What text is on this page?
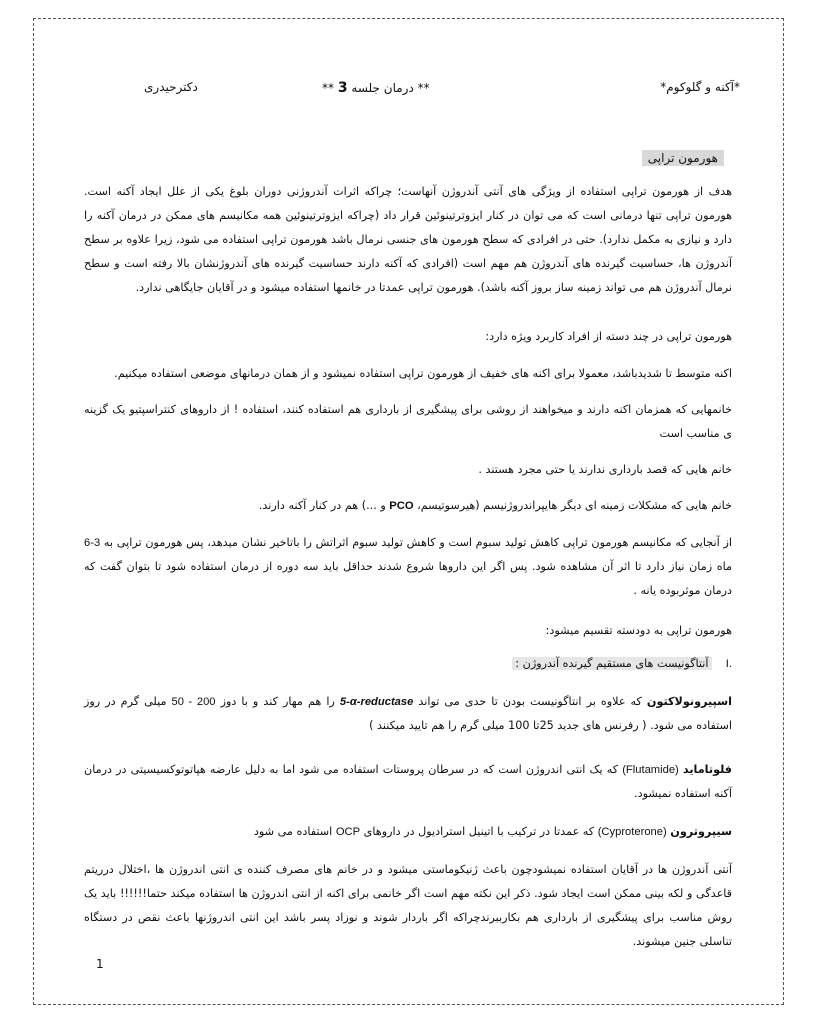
*آکنه و گلوکوم*
** درمان جلسه 3 **
دکترحیدری
هورمون تراپی

هدف از هورمون تراپی استفاده از ویژگی های آنتی آندروژن آنهاست؛ چراکه اثرات آندروژنی دوران بلوغ یکی از علل ایجاد آکنه است. هورمون تراپی تنها درمانی است که می توان در کنار ایزوترتینوئین قرار داد (چراکه ایزوترتینوئین همه مکانیسم های ممکن در درمان آکنه را دارد و نیازی به مکمل ندارد). حتی در افرادی که سطح هورمون های جنسی نرمال باشد هورمون تراپی استفاده می شود، زیرا علاوه بر سطح آندروژن ها، حساسیت گیرنده های آندروژن هم مهم است (افرادی که آکنه دارند حساسیت گیرنده های آندروژنشان بالا رفته است و سطح نرمال آندروژن هم می تواند زمینه ساز بروز آکنه باشد). هورمون تراپی عمدتا در خانمها استفاده میشود و در آقایان جایگاهی ندارد.

هورمون تراپی در چند دسته از افراد کاربرد ویژه دارد:

اکنه متوسط تا شدیدباشد، معمولا برای اکنه های خفیف از هورمون تراپی استفاده نمیشود و از همان درمانهای موضعی استفاده میکنیم.

خانمهایی که همزمان اکنه دارند و میخواهند از روشی برای پیشگیری از بارداری هم استفاده کنند، استفاده ! از داروهای کنتراسپتیو یک گزینه ی مناسب است

خانم هایی که قصد بارداری ندارند یا حتی مجرد هستند .

خانم هایی که مشکلات زمینه ای دیگر هایپراندروژنیسم (هیرسوتیسم، PCO و ...) هم در کنار آکنه دارند.

از آنجایی که مکانیسم هورمون تراپی کاهش تولید سبوم است و کاهش تولید سبوم اثراتش را باتاخیر نشان میدهد، پس هورمون تراپی به 6-3 ماه زمان نیاز دارد تا اثر آن مشاهده شود. پس اگر این داروها شروع شدند حداقل باید سه دوره از درمان استفاده شود تا بتوان گفت که درمان موثربوده یانه .

هورمون تراپی به دودسته تقسیم میشود:

I.    آنتاگونیست های مستقیم گیرنده آندروژن :

اسپیرونولاکتون که علاوه بر انتاگونیست بودن تا حدی می تواند 5-α-reductase را هم مهار کند و با دوز 50 - 200 میلی گرم در روز استفاده می شود. ( رفرنس های جدید 25تا 100 میلی گرم را هم تایید میکنند )

فلوتاماید (Flutamide) که یک انتی اندروژن است که در سرطان پروستات استفاده می شود اما به دلیل عارضه هپاتوتوکسیسیتی در درمان آکنه استفاده نمیشود.

سیپروترون (Cyproterone) که عمدتا در ترکیب با اتینیل استرادیول در داروهای OCP استفاده می شود

آنتی آندروژن ها در آقایان استفاده نمیشودچون باعث ژنیکوماستی میشود و در خانم های مصرف کننده ی انتی اندروژن ها ،اختلال درریتم قاعدگی و لکه بینی ممکن است ایجاد شود. ذکر این نکته مهم است اگر خانمی برای اکنه از انتی اندروژن ها استفاده میکند حتما!!!!!! باید یک روش مناسب برای پیشگیری از بارداری هم بکارببرندچراکه اگر باردار شوند و نوزاد پسر باشد این انتی اندروژنها باعث نقص در دستگاه تناسلی جنین میشوند.

1
